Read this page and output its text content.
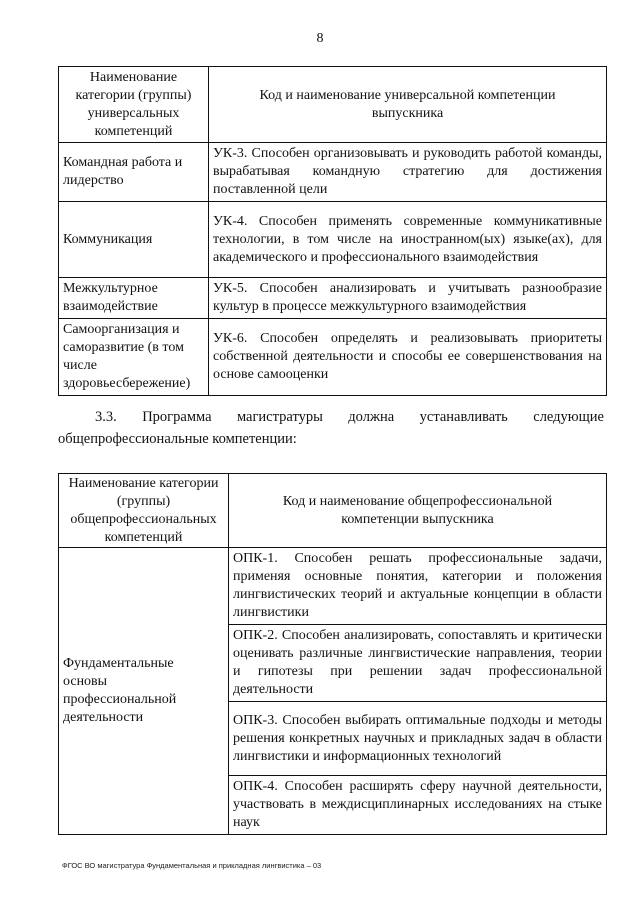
8
Наименование категории (группы) универсальных компетенций	Код и наименование универсальной компетенции выпускника
Командная работа и лидерство	УК-3. Способен организовывать и руководить работой команды, вырабатывая командную стратегию для достижения поставленной цели
Коммуникация	УК-4. Способен применять современные коммуникативные технологии, в том числе на иностранном(ых) языке(ах), для академического и профессионального взаимодействия
Межкультурное взаимодействие	УК-5. Способен анализировать и учитывать разнообразие культур в процессе межкультурного взаимодействия
Самоорганизация и саморазвитие (в том числе здоровьесбережение)	УК-6. Способен определять и реализовывать приоритеты собственной деятельности и способы ее совершенствования на основе самооценки
3.3. Программа магистратуры должна устанавливать следующие
общепрофессиональные компетенции:
Наименование категории (группы) общепрофессиональных компетенций	Код и наименование общепрофессиональной компетенции выпускника
Фундаментальные основы профессиональной деятельности	ОПК-1. Способен решать профессиональные задачи, применяя основные понятия, категории и положения лингвистических теорий и актуальные концепции в области лингвистики
	ОПК-2. Способен анализировать, сопоставлять и критически оценивать различные лингвистические направления, теории и гипотезы при решении задач профессиональной деятельности
	ОПК-3. Способен выбирать оптимальные подходы и методы решения конкретных научных и прикладных задач в области лингвистики и информационных технологий
	ОПК-4. Способен расширять сферу научной деятельности, участвовать в междисциплинарных исследованиях на стыке наук
ФГОС ВО магистратура Фундаментальная и прикладная лингвистика – 03
